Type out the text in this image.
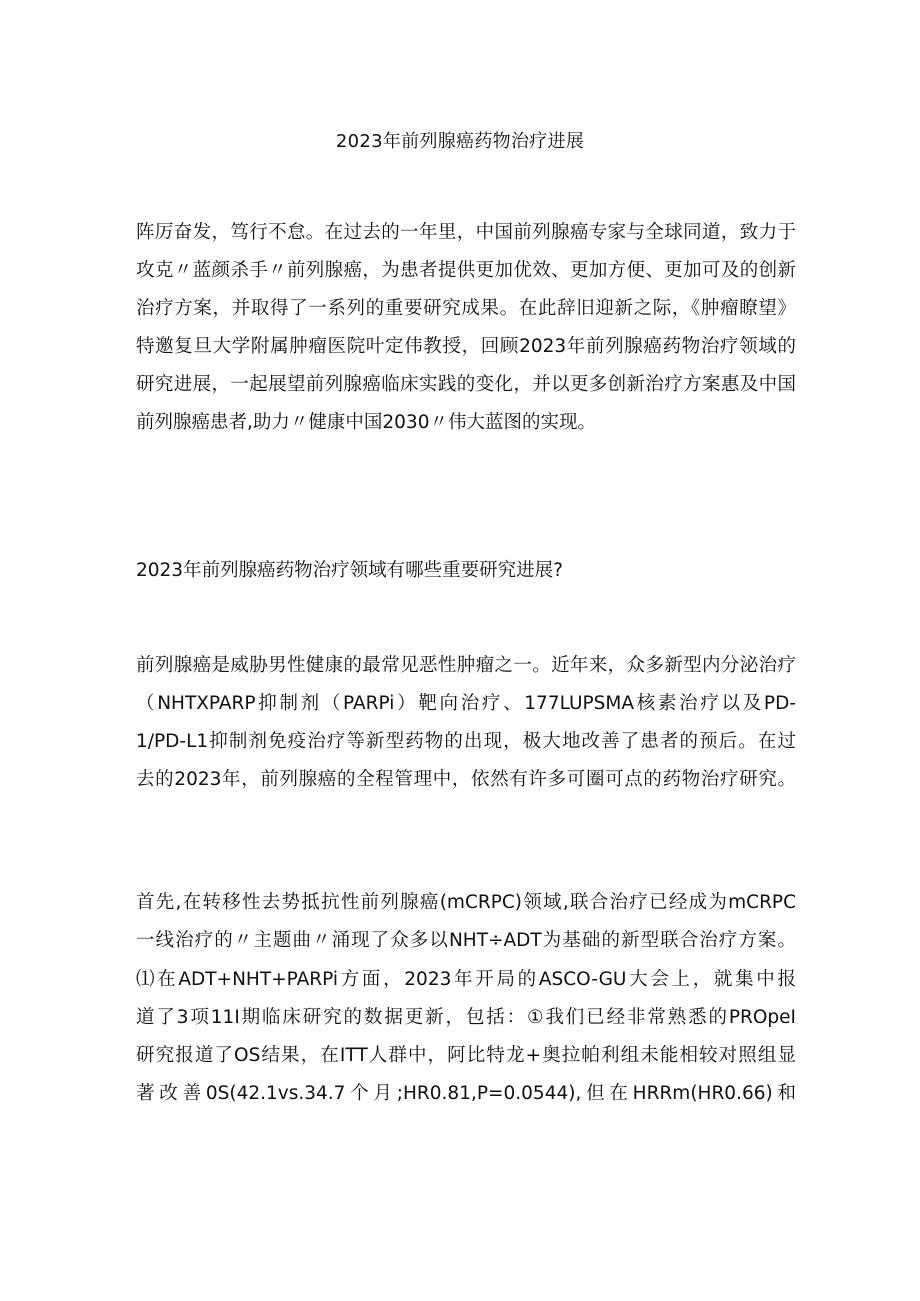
2023年前列腺癌药物治疗进展
阵厉奋发，笃行不怠。在过去的一年里，中国前列腺癌专家与全球同道，致力于
攻克〃蓝颜杀手〃前列腺癌，为患者提供更加优效、更加方便、更加可及的创新
治疗方案，并取得了一系列的重要研究成果。在此辞旧迎新之际，《肿瘤瞭望》
特邀复旦大学附属肿瘤医院叶定伟教授，回顾2023年前列腺癌药物治疗领域的
研究进展，一起展望前列腺癌临床实践的变化，并以更多创新治疗方案惠及中国
前列腺癌患者,助力〃健康中国2030〃伟大蓝图的实现。
2023年前列腺癌药物治疗领域有哪些重要研究进展?
前列腺癌是威胁男性健康的最常见恶性肿瘤之一。近年来，众多新型内分泌治疗
（NHTXPARP抑制剂（PARPi）靶向治疗、177LUPSMA核素治疗以及PD-
1/PD-L1抑制剂免疫治疗等新型药物的出现，极大地改善了患者的预后。在过
去的2023年，前列腺癌的全程管理中，依然有许多可圈可点的药物治疗研究。
首先,在转移性去势抵抗性前列腺癌(mCRPC)领域,联合治疗已经成为mCRPC
一线治疗的〃主题曲〃涌现了众多以NHT÷ADT为基础的新型联合治疗方案。
⑴在ADT+NHT+PARPi方面，2023年开局的ASCO-GU大会上，就集中报
道了3项11I期临床研究的数据更新，包括：①我们已经非常熟悉的PROpeI
研究报道了OS结果，在ITT人群中，阿比特龙+奥拉帕利组未能相较对照组显
著改善0S(42.1vs.34.7个月;HR0.81,P=0.0544),但在HRRm(HR0.66)和
